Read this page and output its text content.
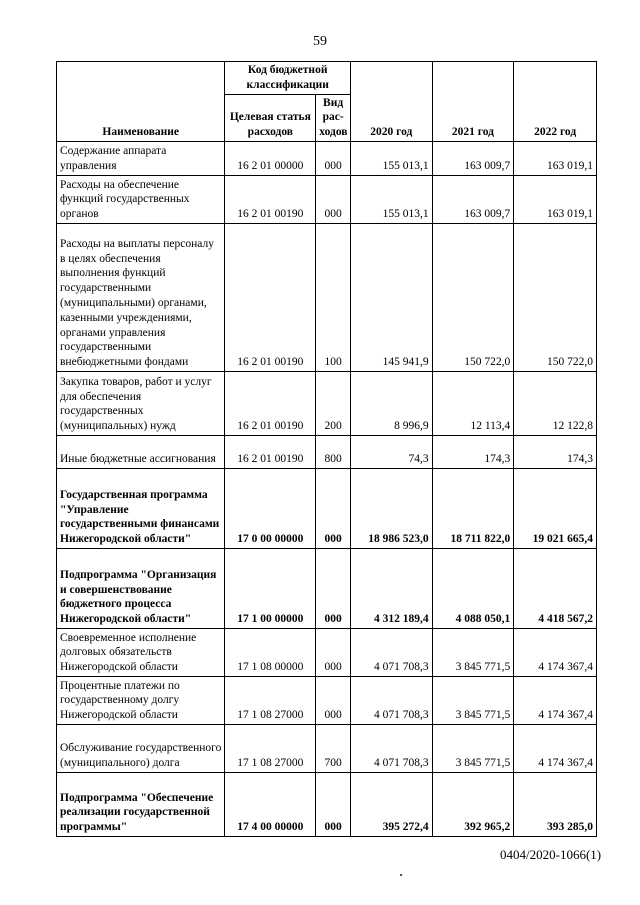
59
Наименование	Код бюджетной классификации		2020 год	2021 год	2022 год
	Целевая статья расходов	Вид рас-ходов			
Содержание аппарата управления	16 2 01 00000	000	155 013,1	163 009,7	163 019,1
Расходы на обеспечение функций государственных органов	16 2 01 00190	000	155 013,1	163 009,7	163 019,1
Расходы на выплаты персоналу в целях обеспечения выполнения функций государственными (муниципальными) органами, казенными учреждениями, органами управления государственными внебюджетными фондами	16 2 01 00190	100	145 941,9	150 722,0	150 722,0
Закупка товаров, работ и услуг для обеспечения государственных (муниципальных) нужд	16 2 01 00190	200	8 996,9	12 113,4	12 122,8
Иные бюджетные ассигнования	16 2 01 00190	800	74,3	174,3	174,3
Государственная программа "Управление государственными финансами Нижегородской области"	17 0 00 00000	000	18 986 523,0	18 711 822,0	19 021 665,4
Подпрограмма "Организация и совершенствование бюджетного процесса Нижегородской области"	17 1 00 00000	000	4 312 189,4	4 088 050,1	4 418 567,2
Своевременное исполнение долговых обязательств Нижегородской области	17 1 08 00000	000	4 071 708,3	3 845 771,5	4 174 367,4
Процентные платежи по государственному долгу Нижегородской области	17 1 08 27000	000	4 071 708,3	3 845 771,5	4 174 367,4
Обслуживание государственного (муниципального) долга	17 1 08 27000	700	4 071 708,3	3 845 771,5	4 174 367,4
Подпрограмма "Обеспечение реализации государственной программы"	17 4 00 00000	000	395 272,4	392 965,2	393 285,0
0404/2020-1066(1)
